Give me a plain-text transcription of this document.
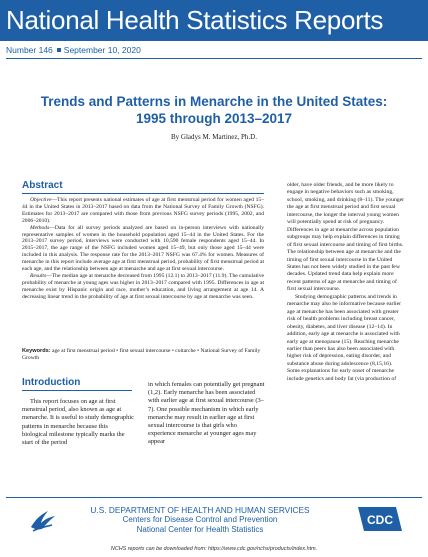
National Health Statistics Reports
Number 146 September 10, 2020
Trends and Patterns in Menarche in the United States:
1995 through 2013–2017
By Gladys M. Martinez, Ph.D.
Abstract

Objective—This report presents national estimates of age at first menstrual period for women aged 15–44 in the United States in 2013–2017 based on data from the National Survey of Family Growth (NSFG). Estimates for 2013–2017 are compared with those from previous NSFG survey periods (1995, 2002, and 2006–2010).

Methods—Data for all survey periods analyzed are based on in-person interviews with nationally representative samples of women in the household population aged 15–44 in the United States. For the 2013–2017 survey period, interviews were conducted with 10,590 female respondents aged 15–44. In 2015–2017, the age range of the NSFG included women aged 15–49, but only those aged 15–44 were included in this analysis. The response rate for the 2013–2017 NSFG was 67.4% for women. Measures of menarche in this report include average age at first menstrual period, probability of first menstrual period at each age, and the relationship between age at menarche and age at first sexual intercourse.

Results—The median age at menarche decreased from 1995 (12.1) to 2013–2017 (11.9). The cumulative probability of menarche at young ages was higher in 2013–2017 compared with 1995. Differences in age at menarche exist by Hispanic origin and race, mother’s education, and living arrangement at age 14. A decreasing linear trend in the probability of age at first sexual intercourse by age at menarche was seen.

Keywords: age at first menstrual period • first sexual intercourse • coitarche • National Survey of Family Growth

older, have older friends, and be more likely to engage in negative behaviors such as smoking, school, smoking, and drinking (8–11). The younger the age at first menstrual period and first sexual intercourse, the longer the interval young women will potentially spend at risk of pregnancy. Differences in age at menarche across population subgroups may help explain differences in timing of first sexual intercourse and timing of first births. The relationship between age at menarche and the timing of first sexual intercourse in the United States has not been widely studied in the past few decades. Updated trend data help explain more recent patterns of age at menarche and timing of first sexual intercourse.

Studying demographic patterns and trends in menarche may also be informative because earlier age at menarche has been associated with greater risk of health problems including breast cancer, obesity, diabetes, and liver disease (12–14). In addition, early age at menarche is associated with early age at menopause (15). Reaching menarche earlier than peers has also been associated with higher risk of depression, eating disorder, and substance abuse during adolescence (8,15,16). Some explanations for early onset of menarche include genetics and body fat (via production of

Introduction

This report focuses on age at first menstrual period, also known as age at menarche. It is useful to study demographic patterns in menarche because this biological milestone typically marks the start of the period

in which females can potentially get pregnant (1,2). Early menarche has been associated with earlier age at first sexual intercourse (3–7). One possible mechanism in which early menarche may result in earlier age at first sexual intercourse is that girls who experience menarche at younger ages may appear

U.S. DEPARTMENT OF HEALTH AND HUMAN SERVICES
Centers for Disease Control and Prevention
National Center for Health Statistics
CDC
NCHS reports can be downloaded from: https://www.cdc.gov/nchs/products/index.htm.
